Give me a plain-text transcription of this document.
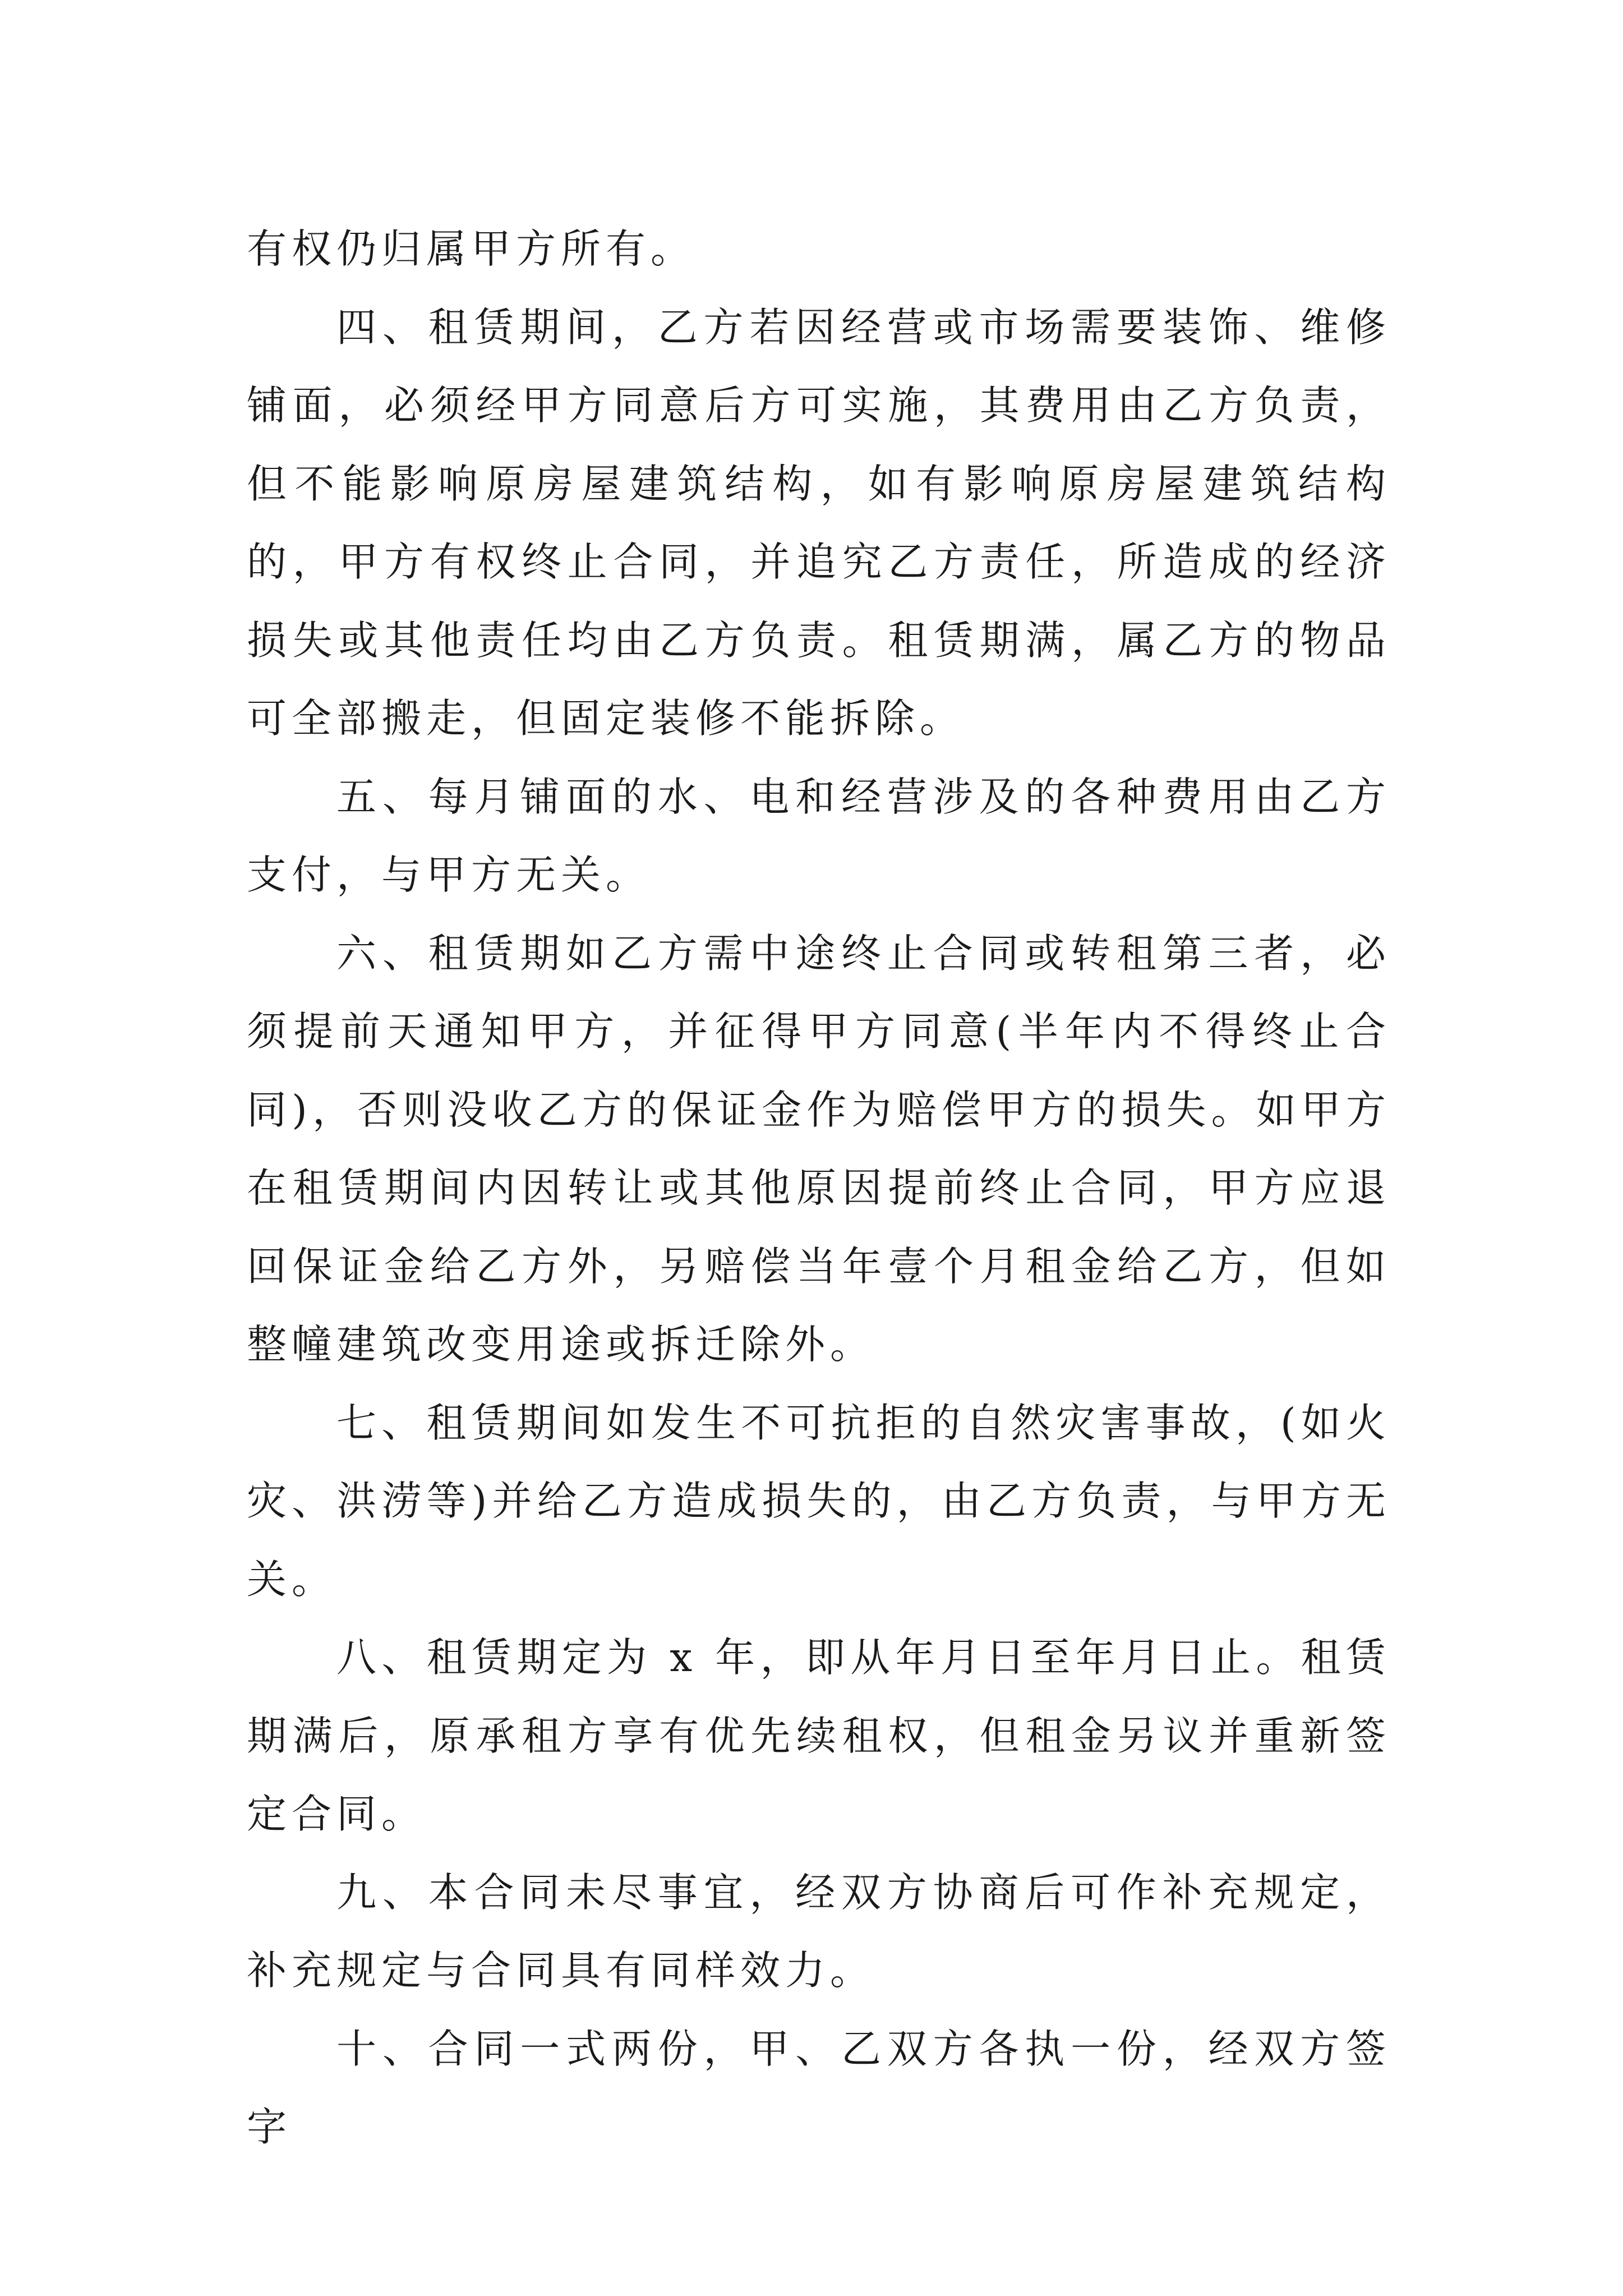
有权仍归属甲方所有。

四、租赁期间，乙方若因经营或市场需要装饰、维修铺面，必须经甲方同意后方可实施，其费用由乙方负责，但不能影响原房屋建筑结构，如有影响原房屋建筑结构的，甲方有权终止合同，并追究乙方责任，所造成的经济损失或其他责任均由乙方负责。租赁期满，属乙方的物品可全部搬走，但固定装修不能拆除。

五、每月铺面的水、电和经营涉及的各种费用由乙方支付，与甲方无关。

六、租赁期如乙方需中途终止合同或转租第三者，必须提前天通知甲方，并征得甲方同意(半年内不得终止合同)，否则没收乙方的保证金作为赔偿甲方的损失。如甲方在租赁期间内因转让或其他原因提前终止合同，甲方应退回保证金给乙方外，另赔偿当年壹个月租金给乙方，但如整幢建筑改变用途或拆迁除外。

七、租赁期间如发生不可抗拒的自然灾害事故，(如火灾、洪涝等)并给乙方造成损失的，由乙方负责，与甲方无关。

八、租赁期定为 x 年，即从年月日至年月日止。租赁期满后，原承租方享有优先续租权，但租金另议并重新签定合同。

九、本合同未尽事宜，经双方协商后可作补充规定，补充规定与合同具有同样效力。

十、合同一式两份，甲、乙双方各执一份，经双方签字
